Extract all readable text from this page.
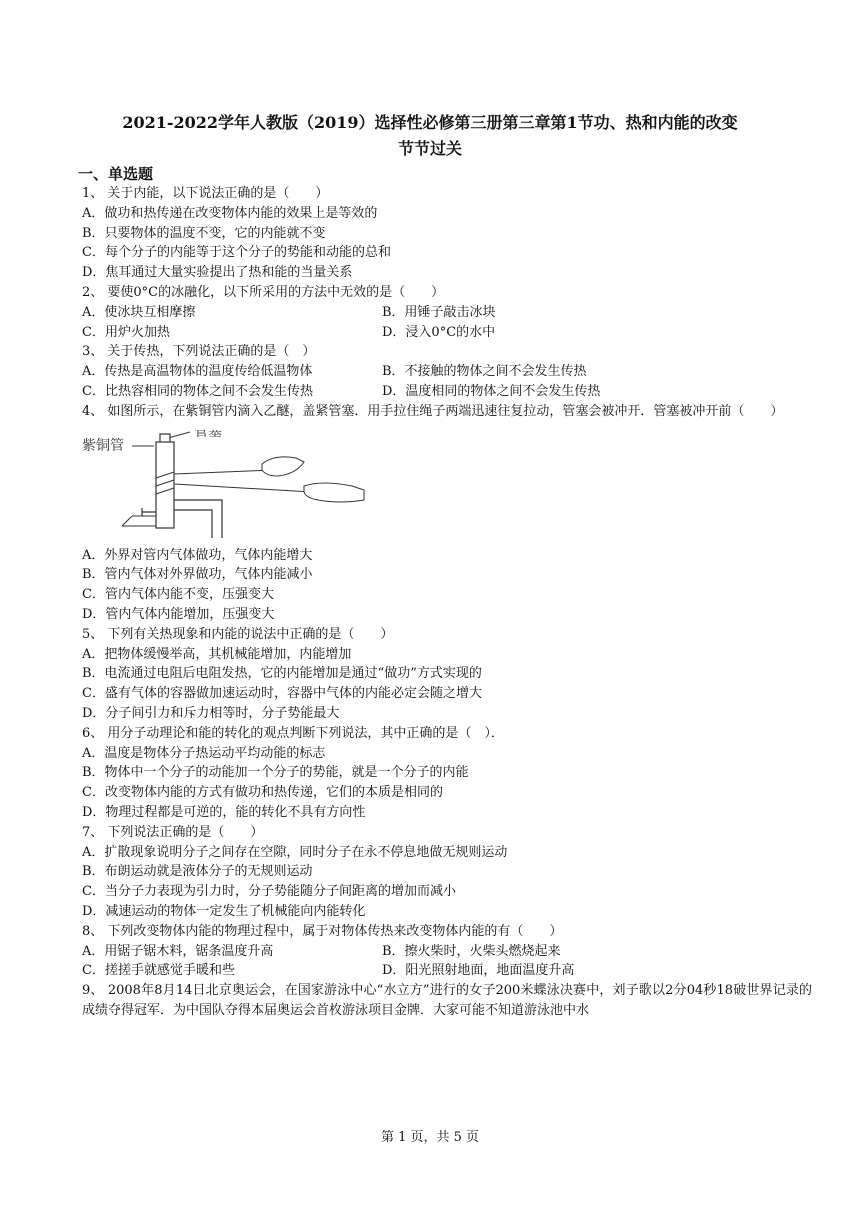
2021-2022学年人教版（2019）选择性必修第三册第三章第1节功、热和内能的改变
节节过关
一、单选题
1、 关于内能，以下说法正确的是（　　）
A．做功和热传递在改变物体内能的效果上是等效的
B．只要物体的温度不变，它的内能就不变
C．每个分子的内能等于这个分子的势能和动能的总和
D．焦耳通过大量实验提出了热和能的当量关系
2、 要使0°C的冰融化，以下所采用的方法中无效的是（　　）
A．使冰块互相摩擦	B．用锤子敲击冰块
C．用炉火加热	D．浸入0°C的水中
3、 关于传热，下列说法正确的是（　）
A．传热是高温物体的温度传给低温物体	B．不接触的物体之间不会发生传热
C．比热容相同的物体之间不会发生传热	D．温度相同的物体之间不会发生传热
4、 如图所示，在紫铜管内滴入乙醚，盖紧管塞．用手拉住绳子两端迅速往复拉动，管塞会被冲开．管塞被冲开前（　　）
紫铜管
管塞
A．外界对管内气体做功，气体内能增大
B．管内气体对外界做功，气体内能减小
C．管内气体内能不变，压强变大
D．管内气体内能增加，压强变大
5、 下列有关热现象和内能的说法中正确的是（　　）
A．把物体缓慢举高，其机械能增加，内能增加
B．电流通过电阻后电阻发热，它的内能增加是通过“做功”方式实现的
C．盛有气体的容器做加速运动时，容器中气体的内能必定会随之增大
D．分子间引力和斥力相等时，分子势能最大
6、 用分子动理论和能的转化的观点判断下列说法，其中正确的是（　）．
A．温度是物体分子热运动平均动能的标志
B．物体中一个分子的动能加一个分子的势能，就是一个分子的内能
C．改变物体内能的方式有做功和热传递，它们的本质是相同的
D．物理过程都是可逆的，能的转化不具有方向性
7、 下列说法正确的是（　　）
A．扩散现象说明分子之间存在空隙，同时分子在永不停息地做无规则运动
B．布朗运动就是液体分子的无规则运动
C．当分子力表现为引力时，分子势能随分子间距离的增加而减小
D．减速运动的物体一定发生了机械能向内能转化
8、 下列改变物体内能的物理过程中，属于对物体传热来改变物体内能的有（　　）
A．用锯子锯木料，锯条温度升高	B．擦火柴时，火柴头燃烧起来
C．搓搓手就感觉手暖和些	D．阳光照射地面，地面温度升高
9、 2008年8月14日北京奥运会，在国家游泳中心“水立方”进行的女子200米蝶泳决赛中，刘子歌以2分04秒18破世界记录的成绩夺得冠军．为中国队夺得本届奥运会首枚游泳项目金牌．大家可能不知道游泳池中水
第 1 页，共 5 页
